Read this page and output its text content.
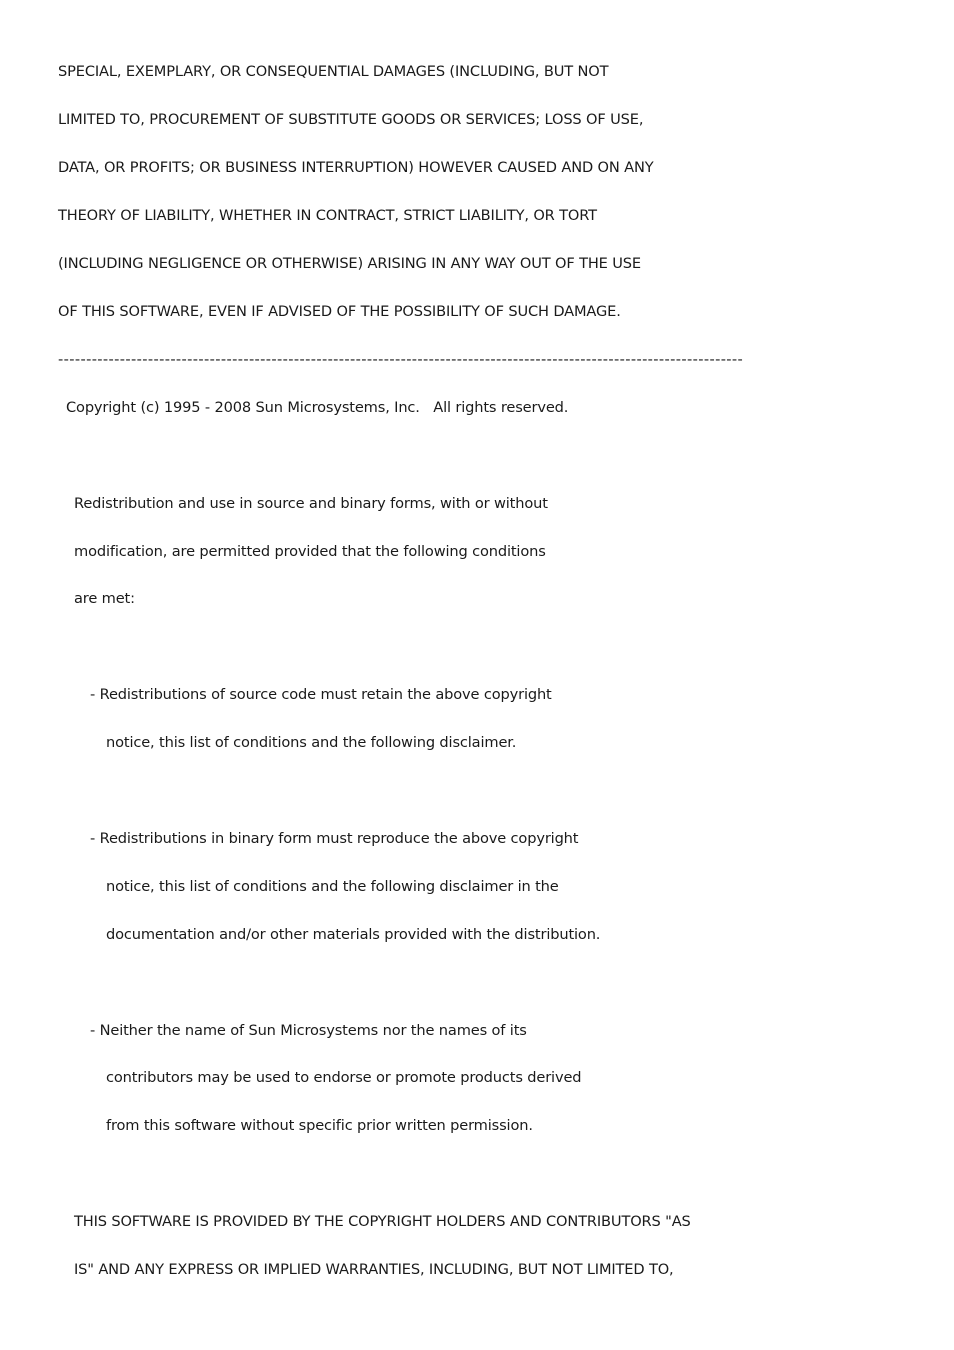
SPECIAL, EXEMPLARY, OR CONSEQUENTIAL DAMAGES (INCLUDING, BUT NOT
LIMITED TO, PROCUREMENT OF SUBSTITUTE GOODS OR SERVICES; LOSS OF USE,
DATA, OR PROFITS; OR BUSINESS INTERRUPTION) HOWEVER CAUSED AND ON ANY
THEORY OF LIABILITY, WHETHER IN CONTRACT, STRICT LIABILITY, OR TORT
(INCLUDING NEGLIGENCE OR OTHERWISE) ARISING IN ANY WAY OUT OF THE USE
OF THIS SOFTWARE, EVEN IF ADVISED OF THE POSSIBILITY OF SUCH DAMAGE.
--------------------------------------------------------------------------------------------------------------------------
Copyright (c) 1995 - 2008 Sun Microsystems, Inc.   All rights reserved.
Redistribution and use in source and binary forms, with or without
modification, are permitted provided that the following conditions
are met:
- Redistributions of source code must retain the above copyright
notice, this list of conditions and the following disclaimer.
- Redistributions in binary form must reproduce the above copyright
notice, this list of conditions and the following disclaimer in the
documentation and/or other materials provided with the distribution.
- Neither the name of Sun Microsystems nor the names of its
contributors may be used to endorse or promote products derived
from this software without specific prior written permission.
THIS SOFTWARE IS PROVIDED BY THE COPYRIGHT HOLDERS AND CONTRIBUTORS "AS
IS" AND ANY EXPRESS OR IMPLIED WARRANTIES, INCLUDING, BUT NOT LIMITED TO,
